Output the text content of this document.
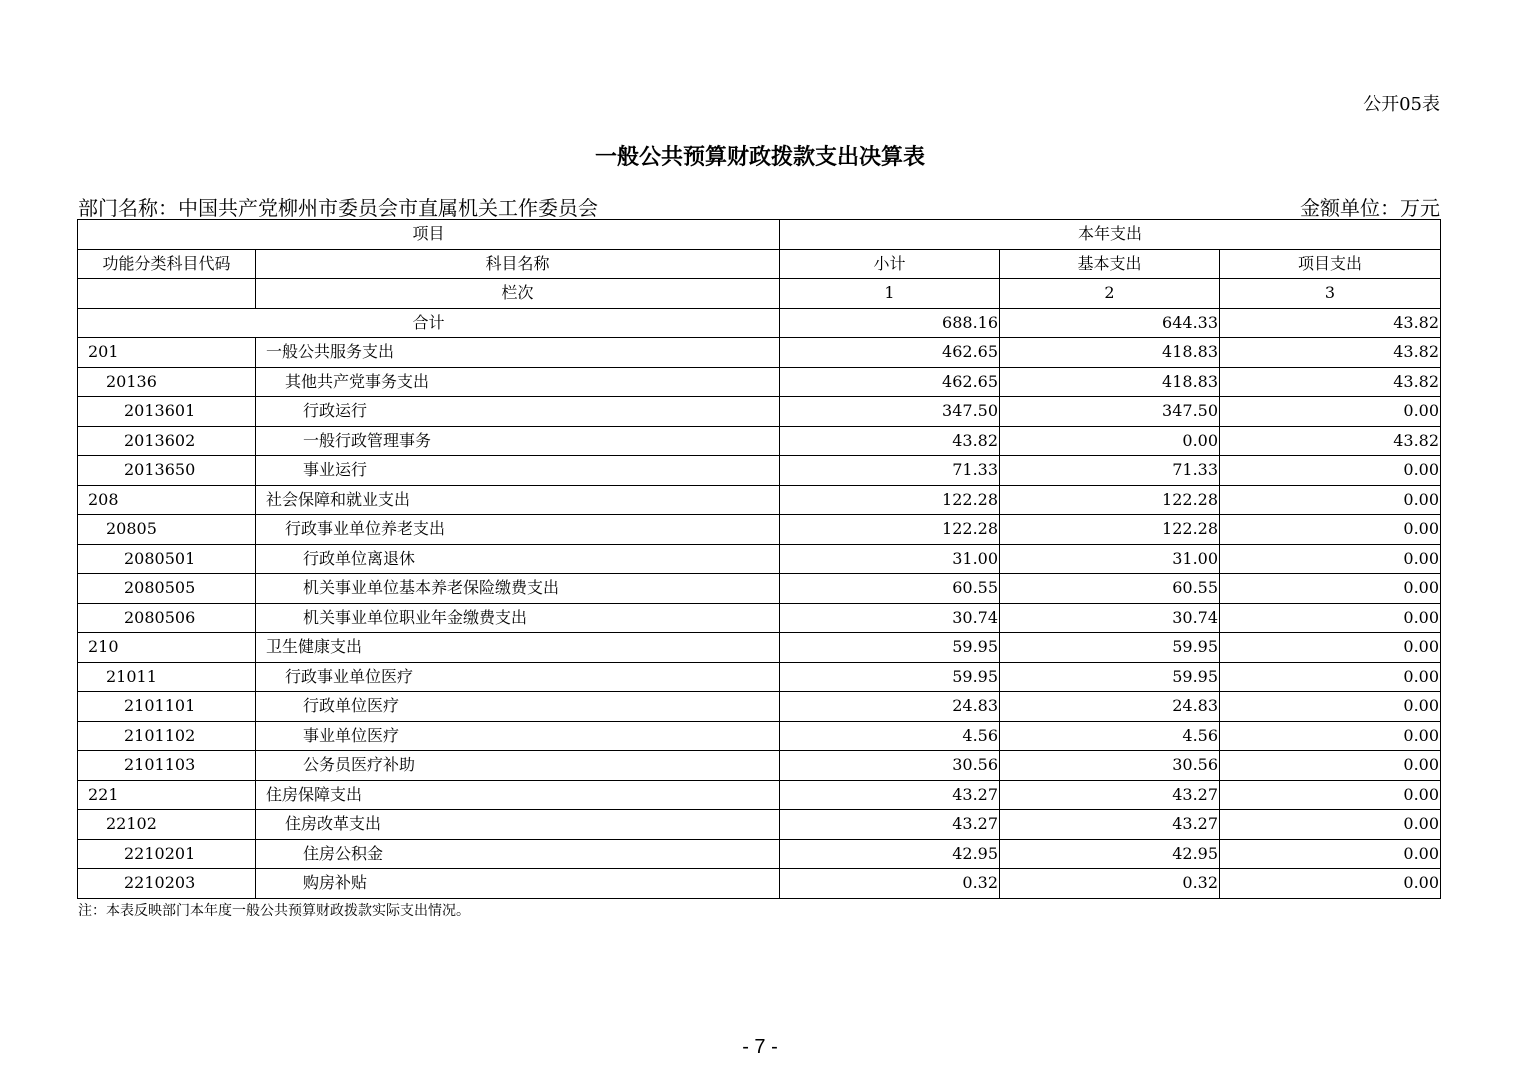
公开05表
一般公共预算财政拨款支出决算表
部门名称：中国共产党柳州市委员会市直属机关工作委员会	金额单位：万元
项目		本年支出		
功能分类科目代码	科目名称	小计	基本支出	项目支出
	栏次	1	2	3
合计		688.16	644.33	43.82
201	一般公共服务支出	462.65	418.83	43.82
20136	其他共产党事务支出	462.65	418.83	43.82
2013601	行政运行	347.50	347.50	0.00
2013602	一般行政管理事务	43.82	0.00	43.82
2013650	事业运行	71.33	71.33	0.00
208	社会保障和就业支出	122.28	122.28	0.00
20805	行政事业单位养老支出	122.28	122.28	0.00
2080501	行政单位离退休	31.00	31.00	0.00
2080505	机关事业单位基本养老保险缴费支出	60.55	60.55	0.00
2080506	机关事业单位职业年金缴费支出	30.74	30.74	0.00
210	卫生健康支出	59.95	59.95	0.00
21011	行政事业单位医疗	59.95	59.95	0.00
2101101	行政单位医疗	24.83	24.83	0.00
2101102	事业单位医疗	4.56	4.56	0.00
2101103	公务员医疗补助	30.56	30.56	0.00
221	住房保障支出	43.27	43.27	0.00
22102	住房改革支出	43.27	43.27	0.00
2210201	住房公积金	42.95	42.95	0.00
2210203	购房补贴	0.32	0.32	0.00
注：本表反映部门本年度一般公共预算财政拨款实际支出情况。
- 7 -
